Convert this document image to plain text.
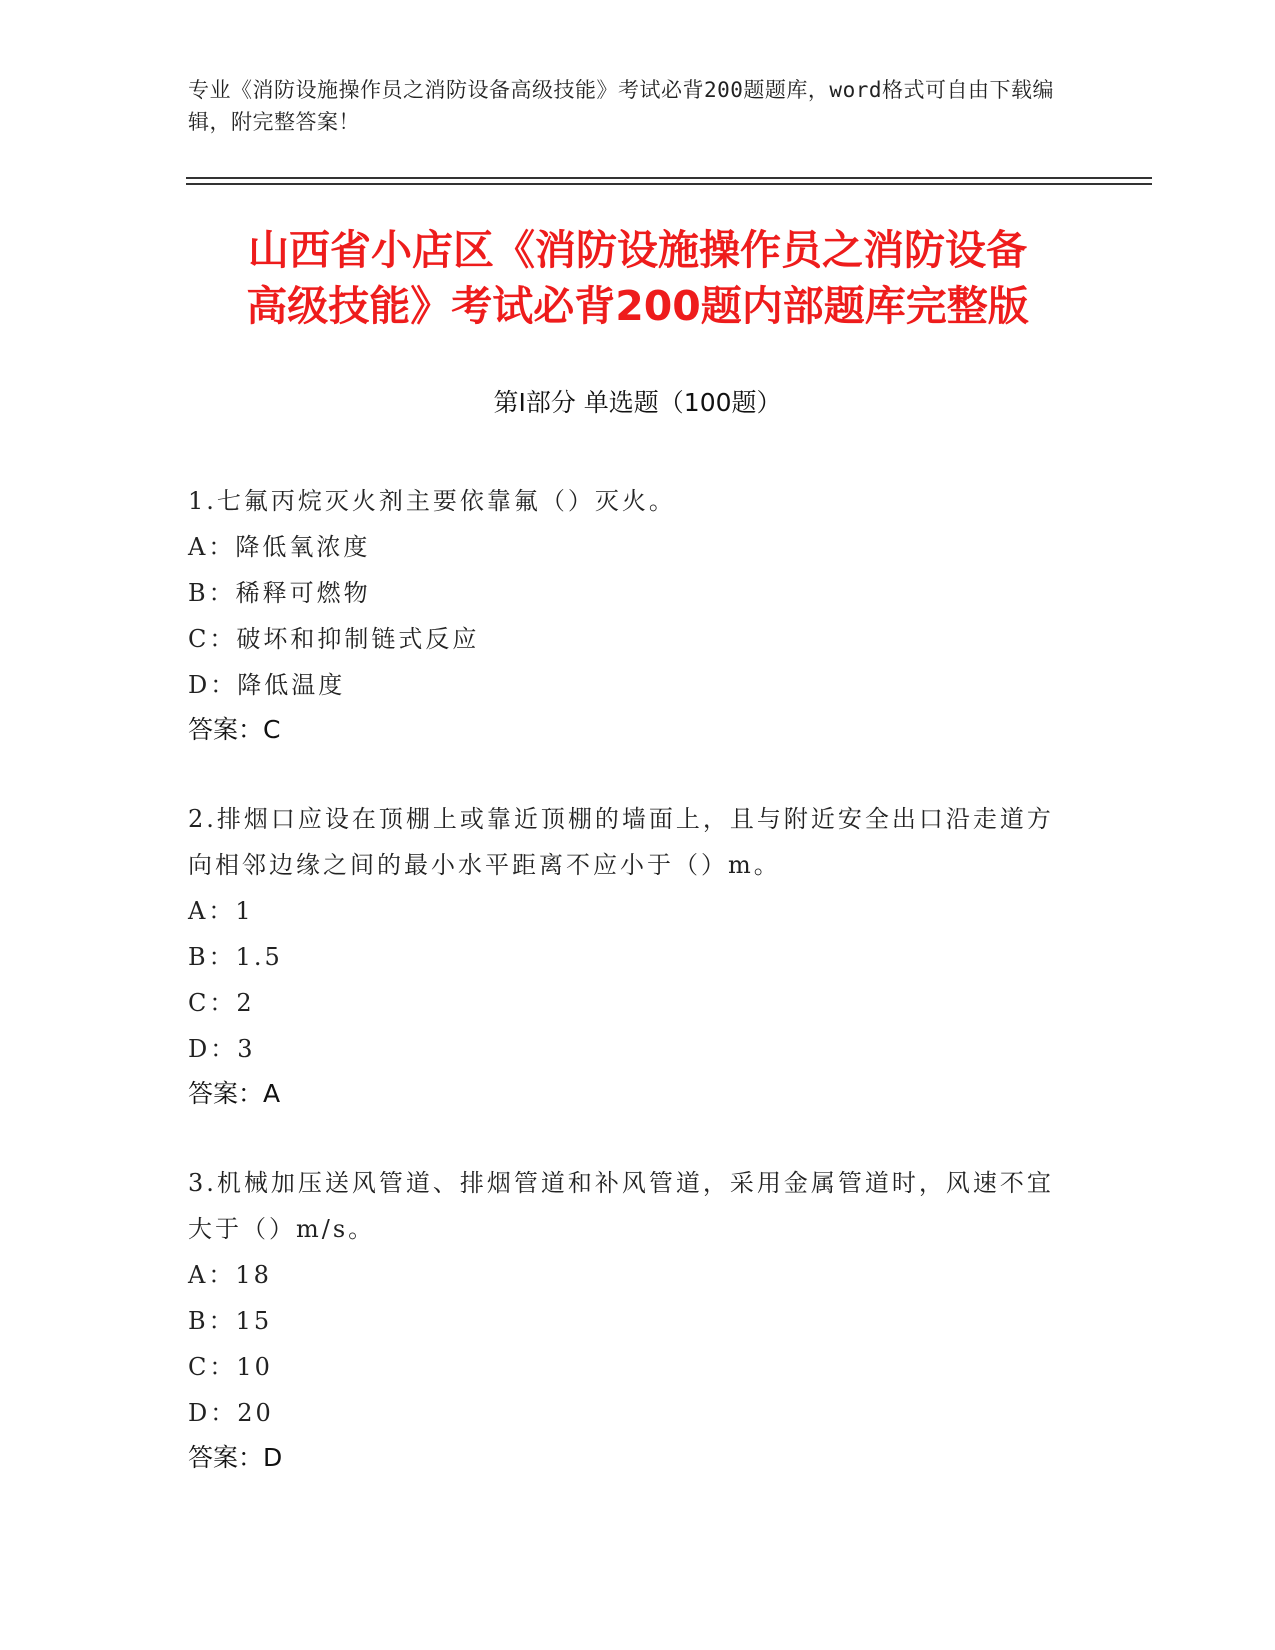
专业《消防设施操作员之消防设备高级技能》考试必背200题题库，word格式可自由下载编辑，附完整答案！
山西省小店区《消防设施操作员之消防设备
高级技能》考试必背200题内部题库完整版
第Ⅰ部分 单选题（100题）

1.七氟丙烷灭火剂主要依靠氟（）灭火。

A：降低氧浓度

B：稀释可燃物

C：破坏和抑制链式反应

D：降低温度

答案：C

2.排烟口应设在顶棚上或靠近顶棚的墙面上，且与附近安全出口沿走道方向相邻边缘之间的最小水平距离不应小于（）m。

A：1

B：1.5

C：2

D：3

答案：A

3.机械加压送风管道、排烟管道和补风管道，采用金属管道时，风速不宜大于（）m/s。

A：18

B：15

C：10

D：20

答案：D
